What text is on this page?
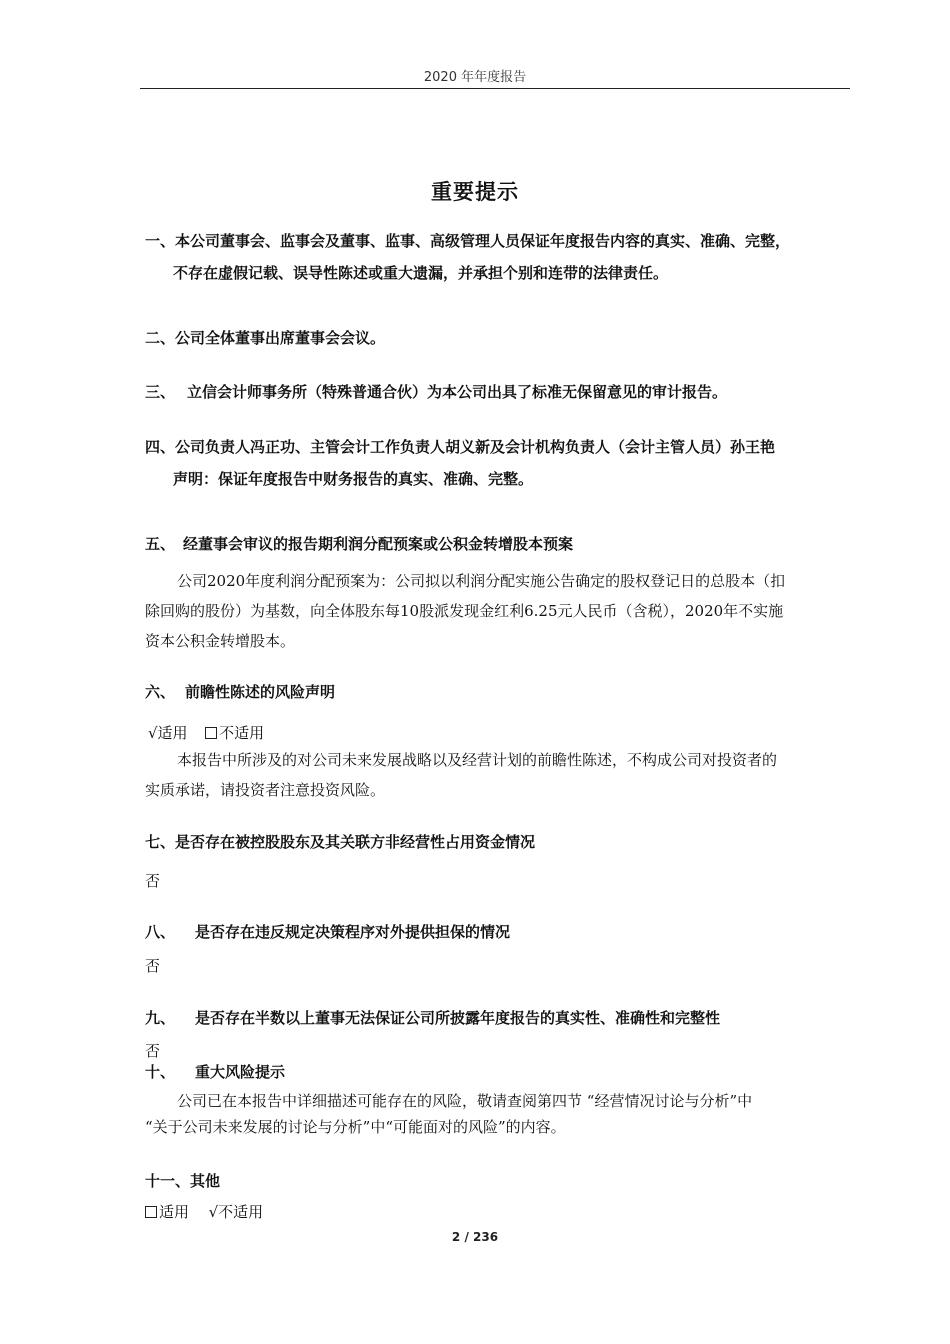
2020 年年度报告
重要提示
一、本公司董事会、监事会及董事、监事、高级管理人员保证年度报告内容的真实、准确、完整，
不存在虚假记载、误导性陈述或重大遗漏，并承担个别和连带的法律责任。
二、公司全体董事出席董事会会议。
三、 立信会计师事务所（特殊普通合伙）为本公司出具了标准无保留意见的审计报告。
四、公司负责人冯正功、主管会计工作负责人胡义新及会计机构负责人（会计主管人员）孙王艳
声明：保证年度报告中财务报告的真实、准确、完整。
五、 经董事会审议的报告期利润分配预案或公积金转增股本预案
公司2020年度利润分配预案为：公司拟以利润分配实施公告确定的股权登记日的总股本（扣
除回购的股份）为基数，向全体股东每10股派发现金红利6.25元人民币（含税），2020年不实施
资本公积金转增股本。
六、 前瞻性陈述的风险声明
√适用 不适用
本报告中所涉及的对公司未来发展战略以及经营计划的前瞻性陈述，不构成公司对投资者的
实质承诺，请投资者注意投资风险。
七、是否存在被控股股东及其关联方非经营性占用资金情况
否
八、 是否存在违反规定决策程序对外提供担保的情况
否
九、 是否存在半数以上董事无法保证公司所披露年度报告的真实性、准确性和完整性
否
十、 重大风险提示
公司已在本报告中详细描述可能存在的风险，敬请查阅第四节 “经营情况讨论与分析”中
“关于公司未来发展的讨论与分析”中“可能面对的风险”的内容。
十一、其他
适用 √不适用
2 / 236
